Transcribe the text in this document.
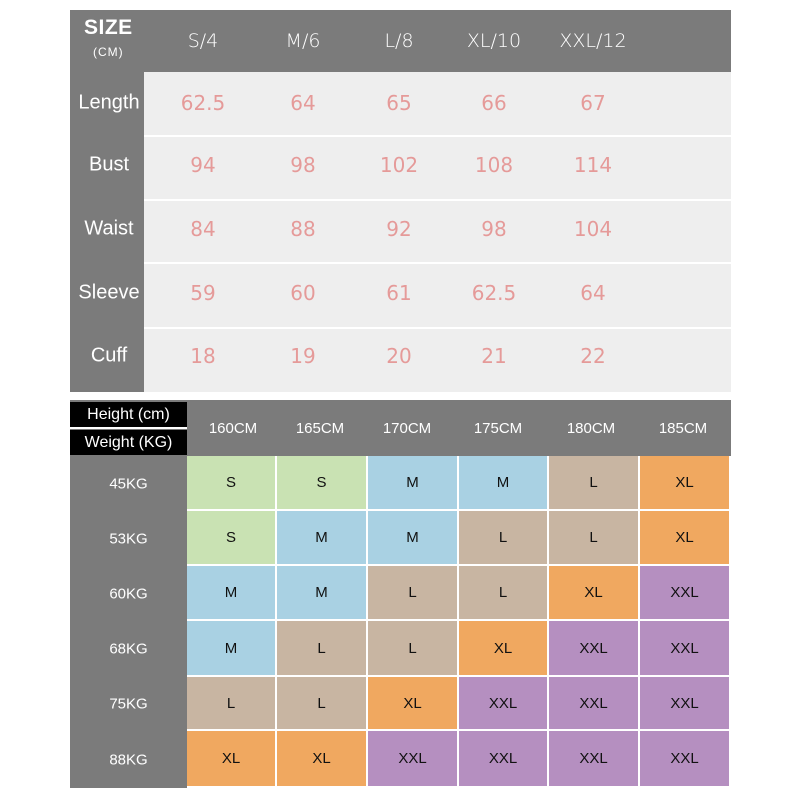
SIZE
(CM)	S/4	M/6	L/8	XL/10 XXL/12
Length	62.5	64	65	66	67
Bust	94	98	102	108	114
Waist	84	88	92	98	104
Sleeve	59	60	61	62.5	64
Cuff	18	19	20	21	22
Height (cm)
Weight (KG)
160CM	165CM	170CM	175CM	180CM	185CM
45KG	S	S	M	M	L	XL
53KG	S	M	M	L	L	XL
60KG	M	M	L	L	XL	XXL
68KG	M	L	L	XL	XXL	XXL
75KG	L	L	XL	XXL	XXL	XXL
88KG	XL	XL	XXL	XXL	XXL	XXL
